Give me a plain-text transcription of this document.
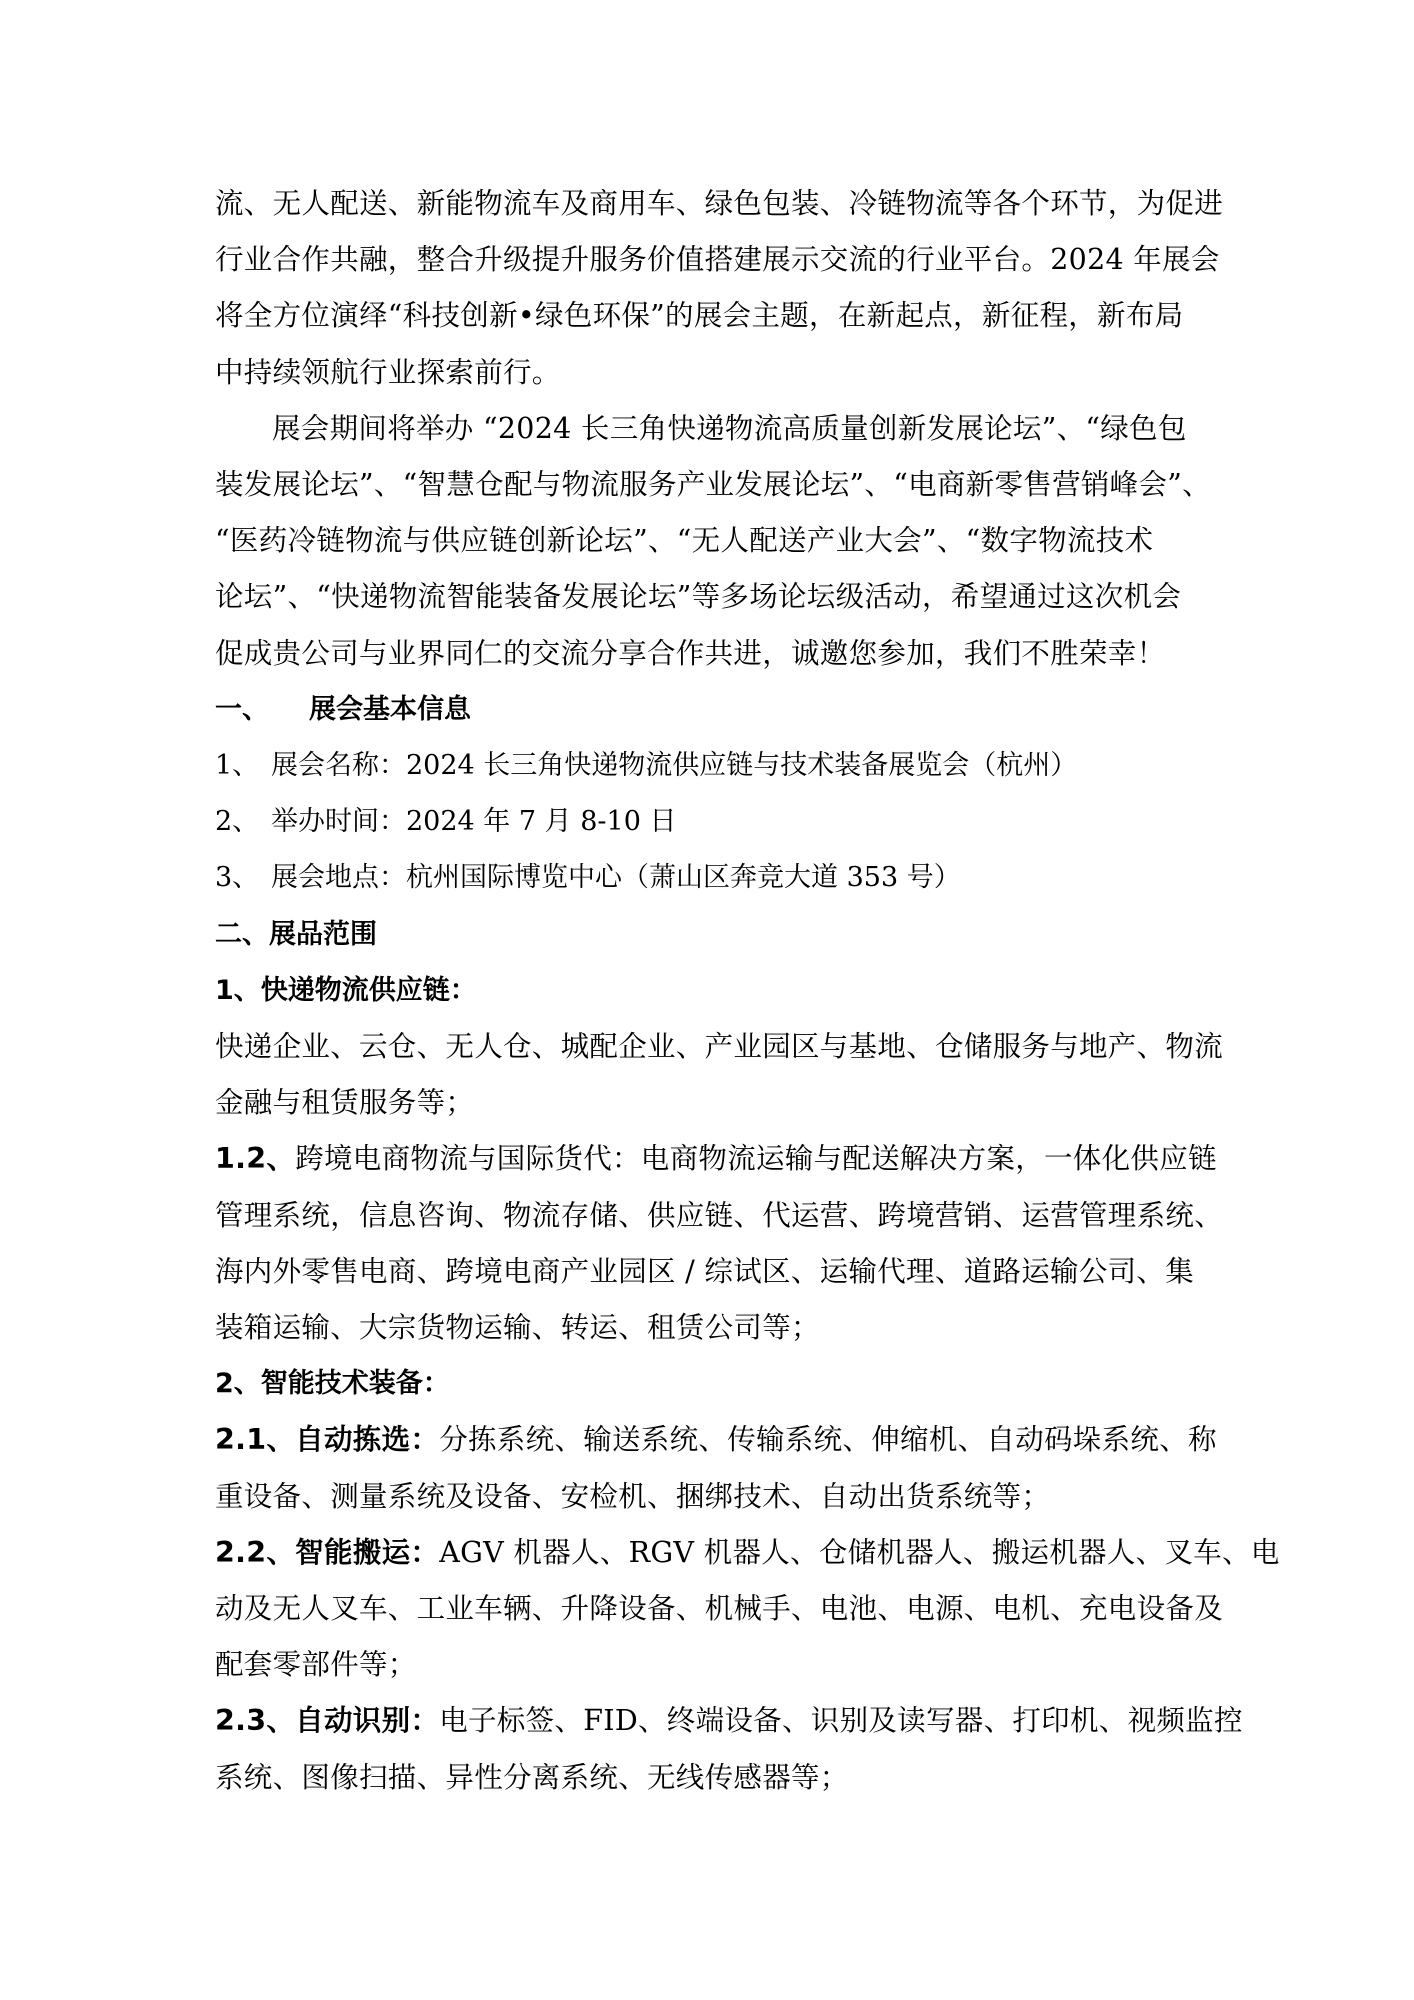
流、无人配送、新能物流车及商用车、绿色包装、冷链物流等各个环节，为促进
行业合作共融，整合升级提升服务价值搭建展示交流的行业平台。2024 年展会
将全方位演绎“科技创新•绿色环保”的展会主题，在新起点，新征程，新布局
中持续领航行业探索前行。
展会期间将举办 “2024 长三角快递物流高质量创新发展论坛”、“绿色包
装发展论坛”、“智慧仓配与物流服务产业发展论坛”、“电商新零售营销峰会”、
“医药冷链物流与供应链创新论坛”、“无人配送产业大会”、“数字物流技术
论坛”、“快递物流智能装备发展论坛”等多场论坛级活动，希望通过这次机会
促成贵公司与业界同仁的交流分享合作共进，诚邀您参加，我们不胜荣幸！
一、 展会基本信息
1、 展会名称：2024 长三角快递物流供应链与技术装备展览会（杭州）
2、 举办时间：2024 年 7 月 8-10 日
3、 展会地点：杭州国际博览中心（萧山区奔竞大道 353 号）
二、展品范围
1、快递物流供应链：
快递企业、云仓、无人仓、城配企业、产业园区与基地、仓储服务与地产、物流
金融与租赁服务等；
1.2、跨境电商物流与国际货代：电商物流运输与配送解决方案，一体化供应链
管理系统，信息咨询、物流存储、供应链、代运营、跨境营销、运营管理系统、
海内外零售电商、跨境电商产业园区 / 综试区、运输代理、道路运输公司、集
装箱运输、大宗货物运输、转运、租赁公司等；
2、智能技术装备：
2.1、自动拣选：分拣系统、输送系统、传输系统、伸缩机、自动码垛系统、称
重设备、测量系统及设备、安检机、捆绑技术、自动出货系统等；
2.2、智能搬运：AGV 机器人、RGV 机器人、仓储机器人、搬运机器人、叉车、电
动及无人叉车、工业车辆、升降设备、机械手、电池、电源、电机、充电设备及
配套零部件等；
2.3、自动识别：电子标签、FID、终端设备、识别及读写器、打印机、视频监控
系统、图像扫描、异性分离系统、无线传感器等；
